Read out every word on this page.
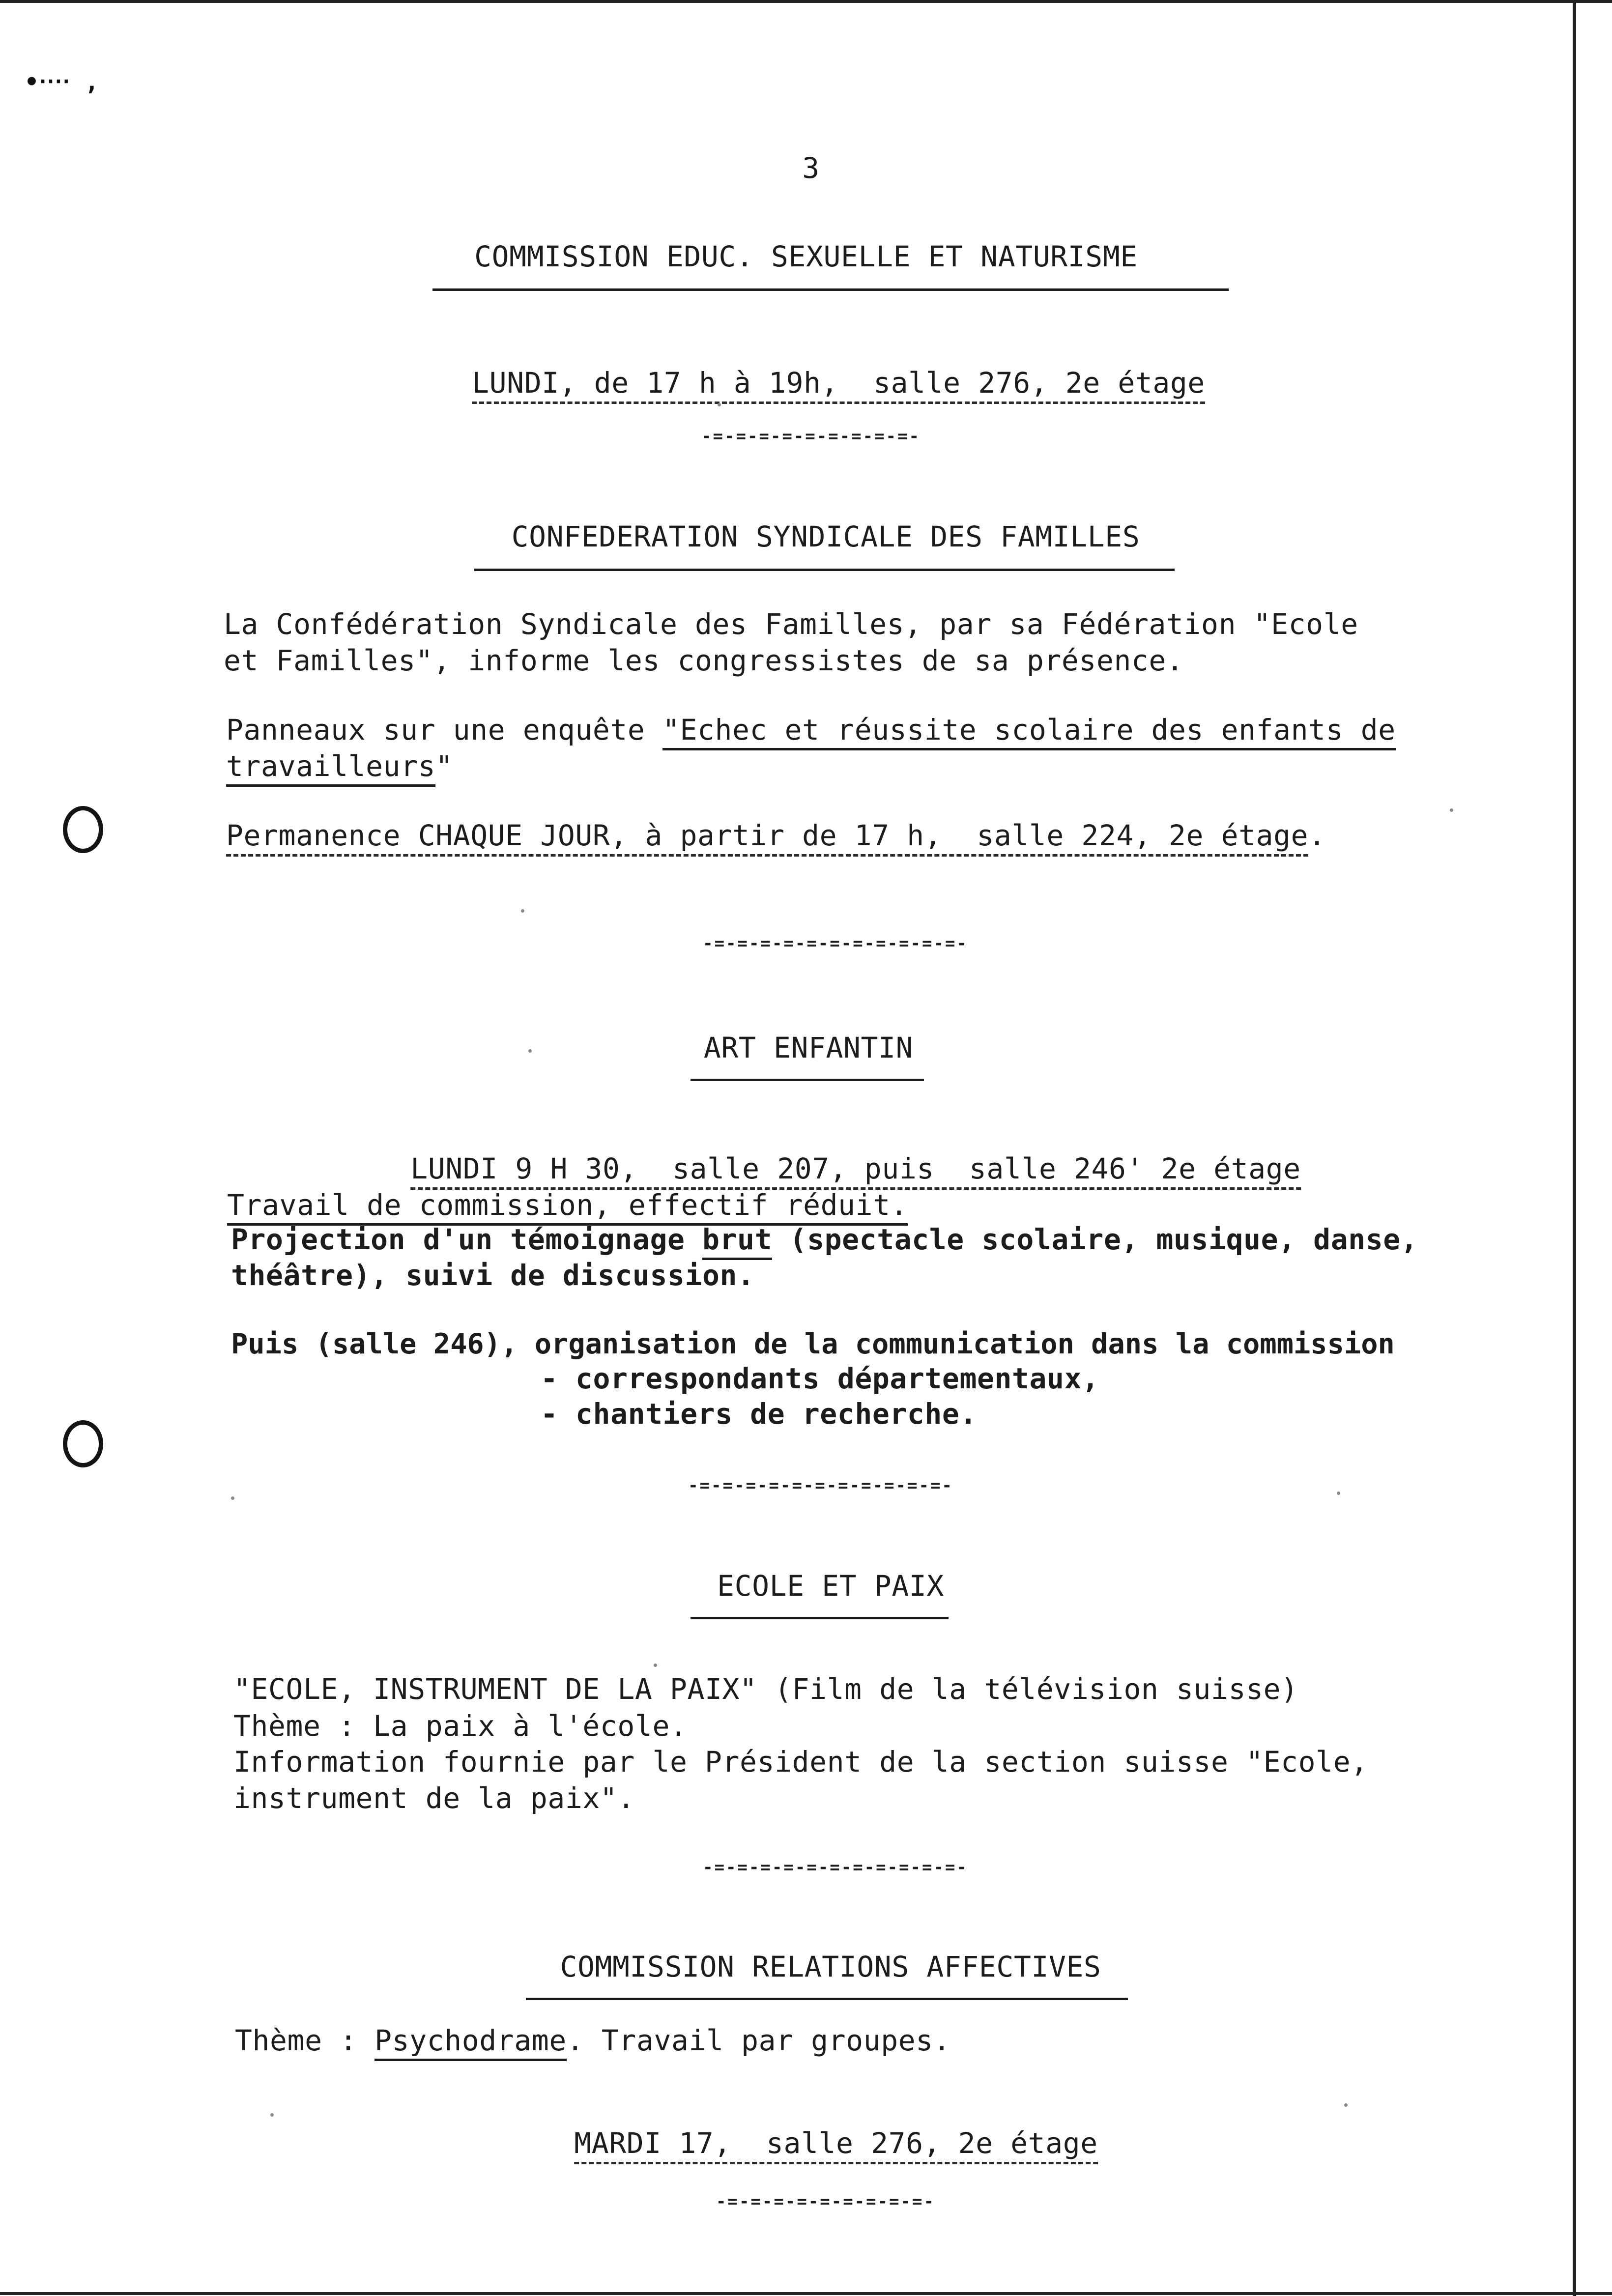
•‧‧‧‧ ,
3
COMMISSION EDUC. SEXUELLE ET NATURISME

LUNDI, de 17 h à 19h,  salle 276, 2e étage

-=-=-=-=-=-=-=-=-=-
CONFEDERATION SYNDICALE DES FAMILLES
La Confédération Syndicale des Familles, par sa Fédération "Ecole
et Familles", informe les congressistes de sa présence.
Panneaux sur une enquête "Echec et réussite scolaire des enfants de
travailleurs"
Permanence CHAQUE JOUR, à partir de 17 h,  salle 224, 2e étage.
-=-=-=-=-=-=-=-=-=-=-=-
ART ENFANTIN

LUNDI 9 H 30,  salle 207, puis  salle 246' 2e étage

Travail de commission, effectif réduit.
Projection d'un témoignage brut (spectacle scolaire, musique, danse,
théâtre), suivi de discussion.
Puis (salle 246), organisation de la communication dans la commission
- correspondants départementaux,
- chantiers de recherche.
-=-=-=-=-=-=-=-=-=-=-=-
ECOLE ET PAIX
"ECOLE, INSTRUMENT DE LA PAIX" (Film de la télévision suisse)
Thème : La paix à l'école.
Information fournie par le Président de la section suisse "Ecole,
instrument de la paix".
-=-=-=-=-=-=-=-=-=-=-=-
COMMISSION RELATIONS AFFECTIVES
Thème : Psychodrame. Travail par groupes.

MARDI 17,  salle 276, 2e étage

-=-=-=-=-=-=-=-=-=-
